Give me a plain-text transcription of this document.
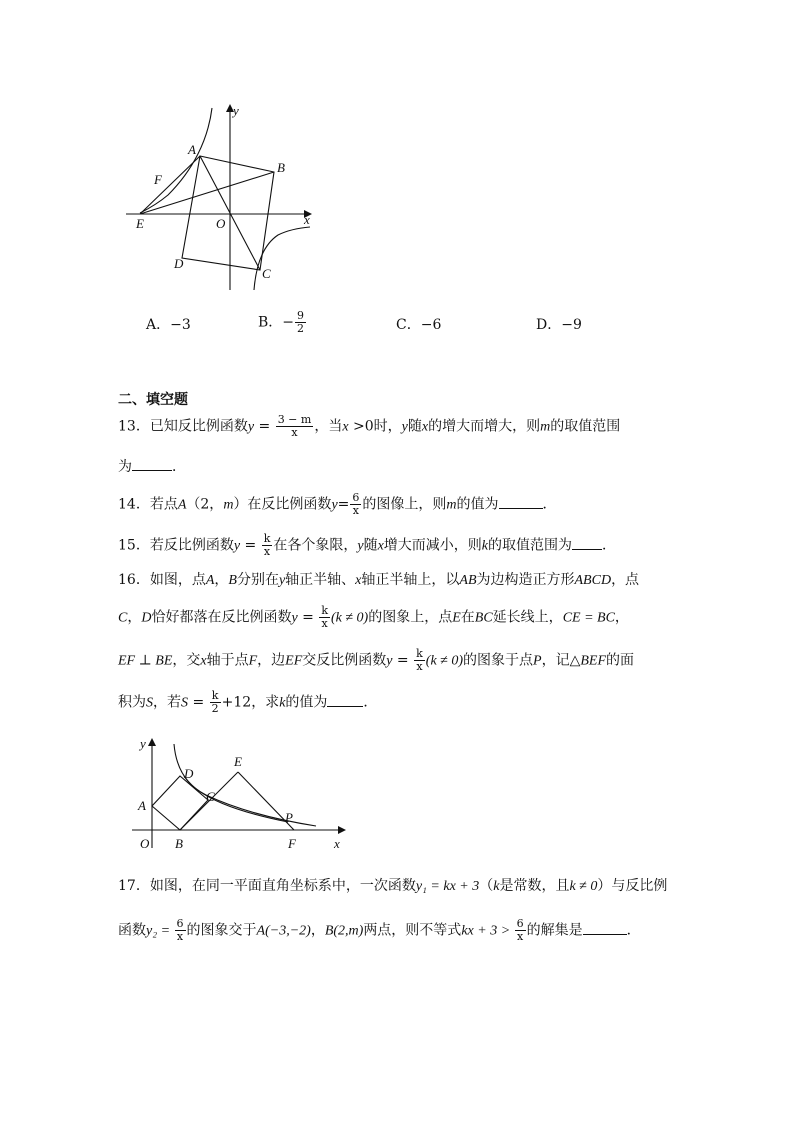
y
x
A
B
F
E	O
D
C
A．−3	B．− $\frac{9}{2}$	C．−6	D．−9
二、填空题
13．已知反比例函数$y = \frac{3 - m}{x}$ ，当x >0时，y随x的增大而增大，则m的取值范围
为	．
14．若点A（2，m）在反比例函数$y= \frac{6}{x}$ 的图像上，则m的值为	．
15．若反比例函数$y = \frac{k}{x}$ 在各个象限，y随x增大而减小，则k的取值范围为 ．
16．如图，点A，B分别在y轴正半轴、x轴正半轴上，以AB为边构造正方形ABCD，点
C，D恰好都落在反比例函数$y = \frac{k}{x} (k \ne 0)$的图象上，点E在BC延长线上，CE = BC，
EF ⊥ BE，交x轴于点F，边EF交反比例函数$y = \frac{k}{x} (k \ne 0)$的图象于点P，记△BEF的面
积为S，若$S = \frac{k}{2} +12$，求k的值为	．
y
x
A
B
C
D
E
F
O
P
17．如图，在同一平面直角坐标系中，一次函数y₁ = kx + 3（k是常数，且k ≠ 0）与反比例
函数$y_2 = \frac{6}{x}$ 的图象交于A(−3,−2)，B(2,m)两点，则不等式kx + $3 > \frac{6}{x}$ 的解集是	．
